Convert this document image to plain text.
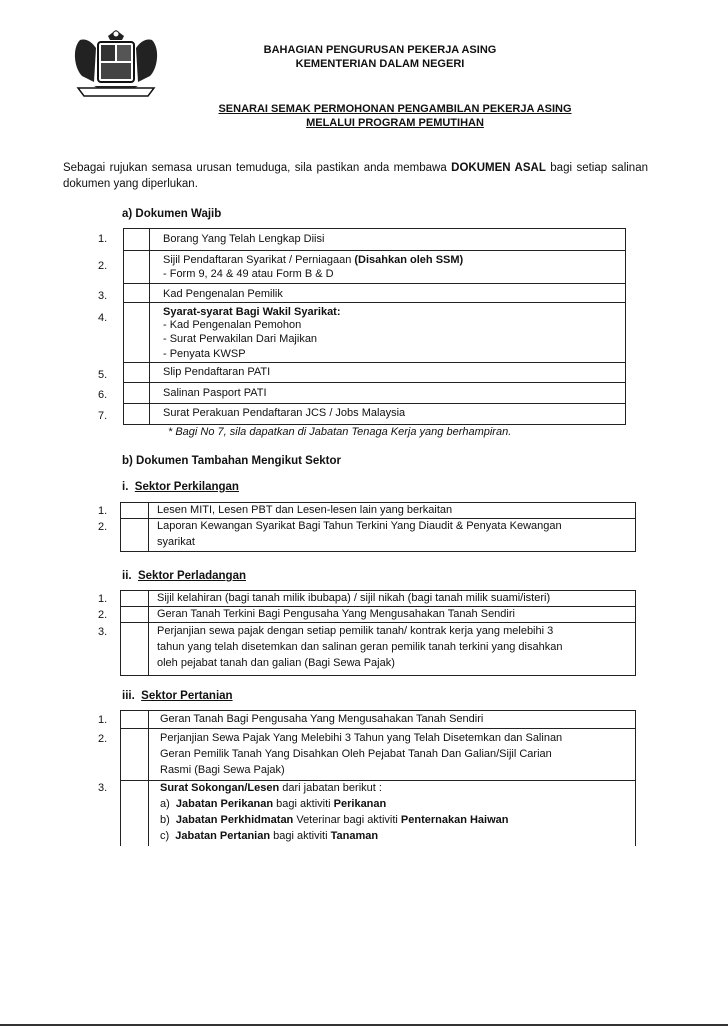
BAHAGIAN PENGURUSAN PEKERJA ASING
KEMENTERIAN DALAM NEGERI
SENARAI SEMAK PERMOHONAN PENGAMBILAN PEKERJA ASING
MELALUI PROGRAM PEMUTIHAN
Sebagai rujukan semasa urusan temuduga, sila pastikan anda membawa DOKUMEN ASAL bagi setiap salinan dokumen yang diperlukan.
a) Dokumen Wajib
1.
2.
3.
4.
5.
6.
7.
Borang Yang Telah Lengkap Diisi
Sijil Pendaftaran Syarikat / Perniagaan (Disahkan oleh SSM)
- Form 9, 24 & 49 atau Form B & D
Kad Pengenalan Pemilik
Syarat-syarat Bagi Wakil Syarikat:
- Kad Pengenalan Pemohon
- Surat Perwakilan Dari Majikan
- Penyata KWSP
Slip Pendaftaran PATI
Salinan Pasport PATI
Surat Perakuan Pendaftaran JCS / Jobs Malaysia
* Bagi No 7, sila dapatkan di Jabatan Tenaga Kerja yang berhampiran.
b) Dokumen Tambahan Mengikut Sektor
i. Sektor Perkilangan
1.
2.
Lesen MITI, Lesen PBT dan Lesen-lesen lain yang berkaitan
Laporan Kewangan Syarikat Bagi Tahun Terkini Yang Diaudit & Penyata Kewangan
syarikat
ii. Sektor Perladangan
1.
2.
3.
Sijil kelahiran (bagi tanah milik ibubapa) / sijil nikah (bagi tanah milik suami/isteri)
Geran Tanah Terkini Bagi Pengusaha Yang Mengusahakan Tanah Sendiri
Perjanjian sewa pajak dengan setiap pemilik tanah/ kontrak kerja yang melebihi 3
tahun yang telah disetemkan dan salinan geran pemilik tanah terkini yang disahkan
oleh pejabat tanah dan galian (Bagi Sewa Pajak)
iii. Sektor Pertanian
1.
2.
3.
Geran Tanah Bagi Pengusaha Yang Mengusahakan Tanah Sendiri
Perjanjian Sewa Pajak Yang Melebihi 3 Tahun yang Telah Disetemkan dan Salinan
Geran Pemilik Tanah Yang Disahkan Oleh Pejabat Tanah Dan Galian/Sijil Carian
Rasmi (Bagi Sewa Pajak)
Surat Sokongan/Lesen dari jabatan berikut :
a) Jabatan Perikanan bagi aktiviti Perikanan
b) Jabatan Perkhidmatan Veterinar bagi aktiviti Penternakan Haiwan
c) Jabatan Pertanian bagi aktiviti Tanaman
